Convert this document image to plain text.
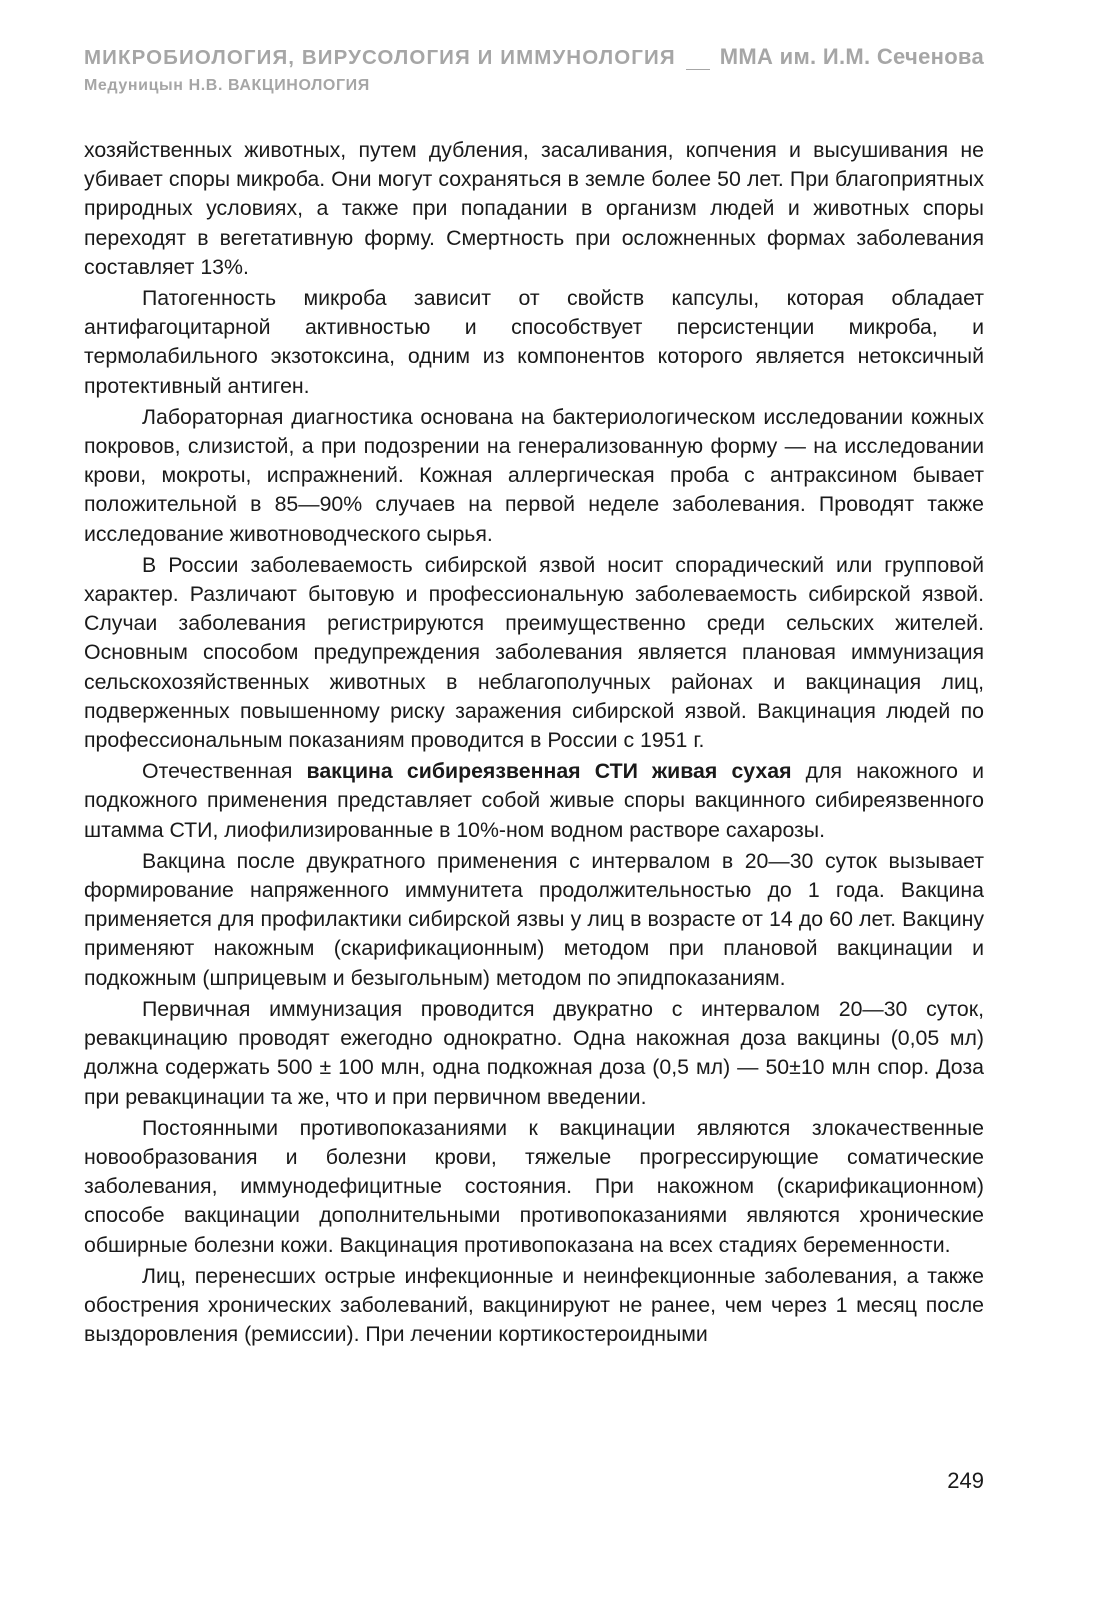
МИКРОБИОЛОГИЯ, ВИРУСОЛОГИЯ И ИММУНОЛОГИЯ ММА им. И.М. Сеченова
Медуницын Н.В. ВАКЦИНОЛОГИЯ

хозяйственных животных, путем дубления, засаливания, копчения и высушивания не убивает споры микроба. Они могут сохраняться в земле более 50 лет. При благоприятных природных условиях, а также при попадании в организм людей и животных споры переходят в вегетативную форму. Смертность при осложненных формах заболевания составляет 13%.

Патогенность микроба зависит от свойств капсулы, которая обладает антифагоцитарной активностью и способствует персистенции микроба, и термолабильного экзотоксина, одним из компонентов которого является нетоксичный протективный антиген.

Лабораторная диагностика основана на бактериологическом исследовании кожных покровов, слизистой, а при подозрении на генерализованную форму — на исследовании крови, мокроты, испражнений. Кожная аллергическая проба с антраксином бывает положительной в 85—90% случаев на первой неделе заболевания. Проводят также исследование животноводческого сырья.

В России заболеваемость сибирской язвой носит спорадический или групповой характер. Различают бытовую и профессиональную заболеваемость сибирской язвой. Случаи заболевания регистрируются преимущественно среди сельских жителей. Основным способом предупреждения заболевания является плановая иммунизация сельскохозяйственных животных в неблагополучных районах и вакцинация лиц, подверженных повышенному риску заражения сибирской язвой. Вакцинация людей по профессиональным показаниям проводится в России с 1951 г.

Отечественная вакцина сибиреязвенная СТИ живая сухая для накожного и подкожного применения представляет собой живые споры вакцинного сибиреязвенного штамма СТИ, лиофилизированные в 10%-ном водном растворе сахарозы.

Вакцина после двукратного применения с интервалом в 20—30 суток вызывает формирование напряженного иммунитета продолжительностью до 1 года. Вакцина применяется для профилактики сибирской язвы у лиц в возрасте от 14 до 60 лет. Вакцину применяют накожным (скарификационным) методом при плановой вакцинации и подкожным (шприцевым и безыгольным) методом по эпидпоказаниям.

Первичная иммунизация проводится двукратно с интервалом 20—30 суток, ревакцинацию проводят ежегодно однократно. Одна накожная доза вакцины (0,05 мл) должна содержать 500 ± 100 млн, одна подкожная доза (0,5 мл) — 50±10 млн спор. Доза при ревакцинации та же, что и при первичном введении.

Постоянными противопоказаниями к вакцинации являются злокачественные новообразования и болезни крови, тяжелые прогрессирующие соматические заболевания, иммунодефицитные состояния. При накожном (скарификационном) способе вакцинации дополнительными противопоказаниями являются хронические обширные болезни кожи. Вакцинация противопоказана на всех стадиях беременности.

Лиц, перенесших острые инфекционные и неинфекционные заболевания, а также обострения хронических заболеваний, вакцинируют не ранее, чем через 1 месяц после выздоровления (ремиссии). При лечении кортикостероидными

249
